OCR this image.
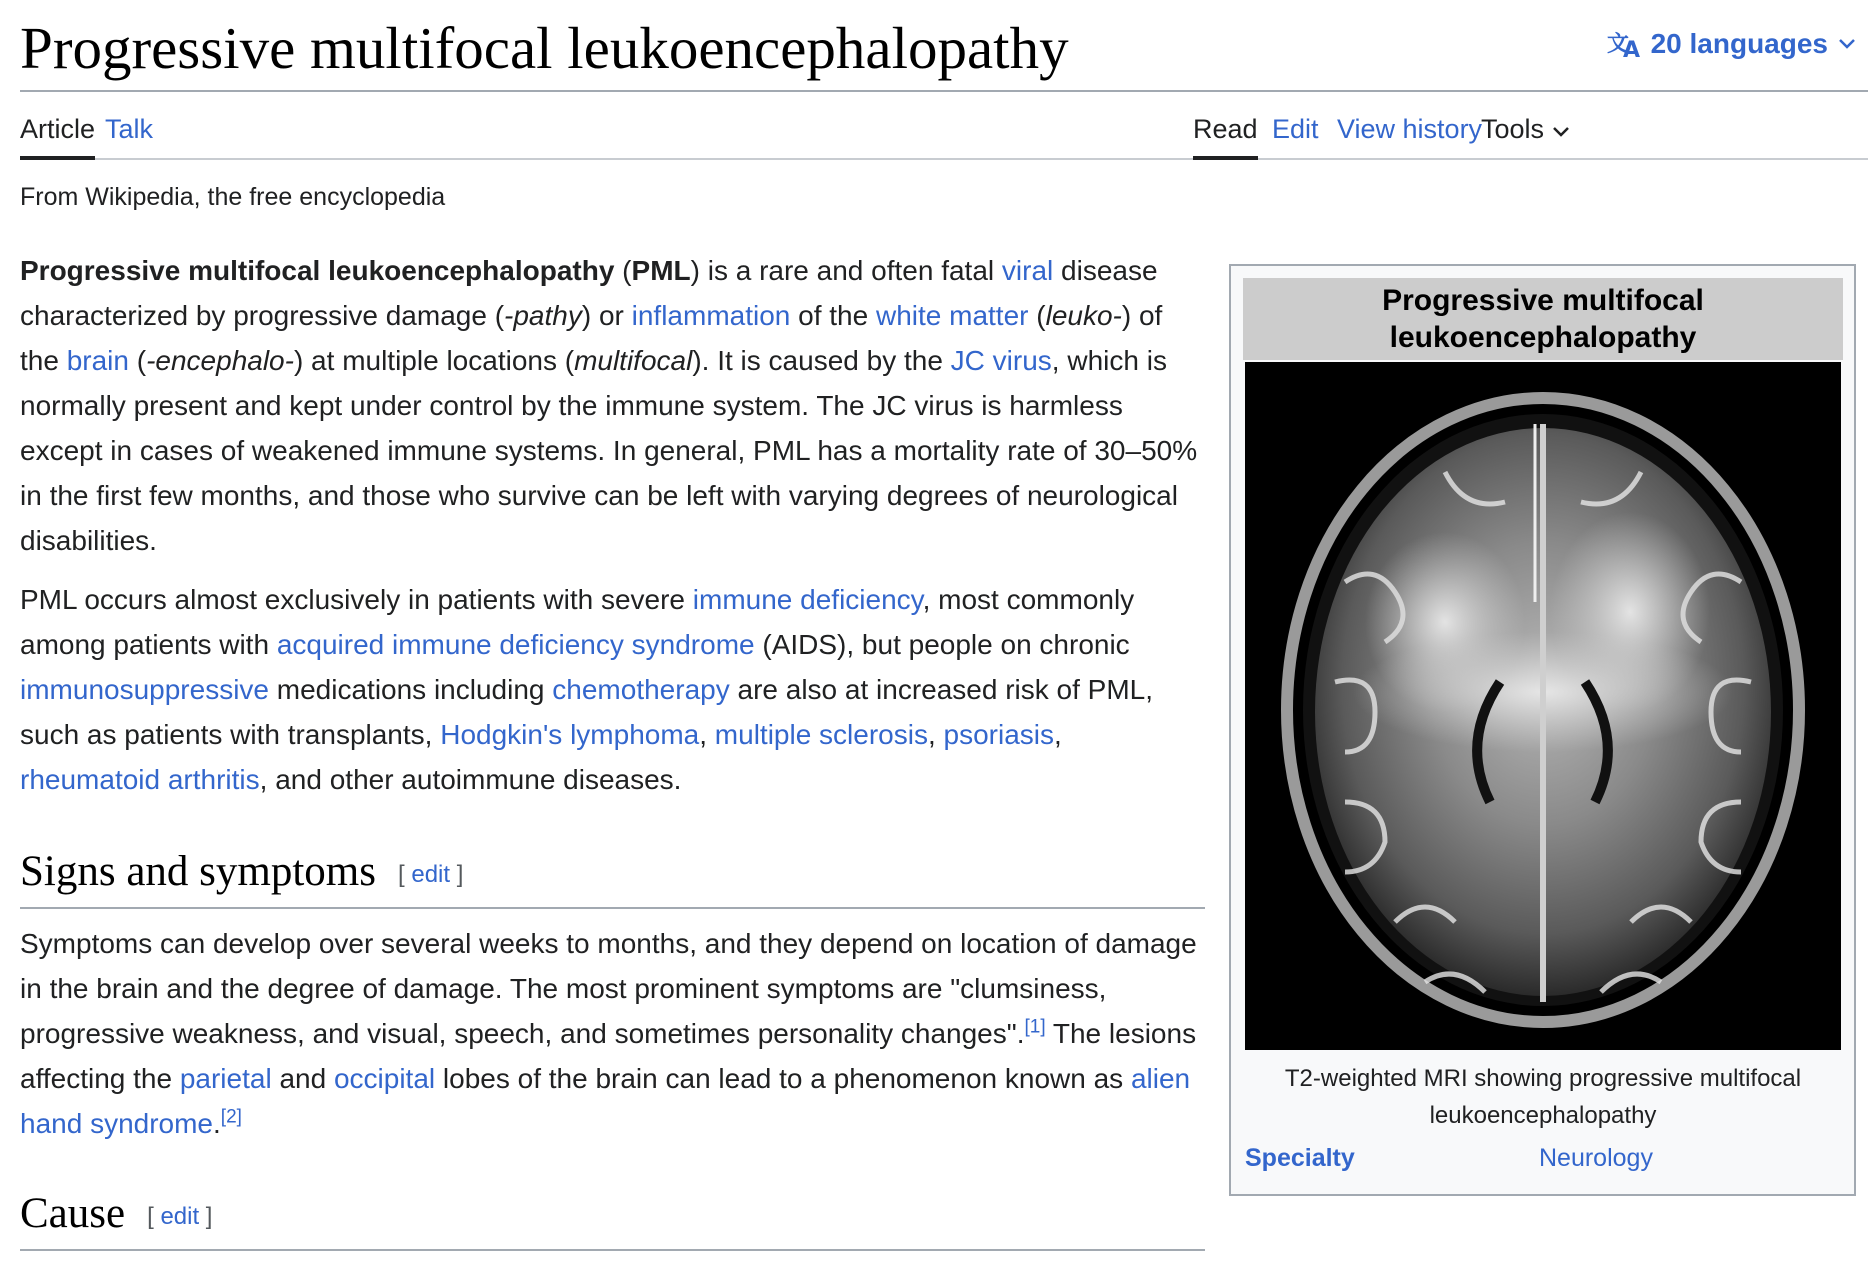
Progressive multifocal leukoencephalopathy	文
A 20 languages
Article Talk	Read Edit View history
Tools
From Wikipedia, the free encyclopedia

Progressive multifocal leukoencephalopathy (PML) is a rare and often fatal viral disease characterized by progressive damage (-pathy) or inflammation of the white matter (leuko-) of the brain (-encephalo-) at multiple locations (multifocal). It is caused by the JC virus, which is normally present and kept under control by the immune system. The JC virus is harmless except in cases of weakened immune systems. In general, PML has a mortality rate of 30–50% in the first few months, and those who survive can be left with varying degrees of neurological disabilities.

PML occurs almost exclusively in patients with severe immune deficiency, most commonly among patients with acquired immune deficiency syndrome (AIDS), but people on chronic immunosuppressive medications including chemotherapy are also at increased risk of PML, such as patients with transplants, Hodgkin's lymphoma, multiple sclerosis, psoriasis, rheumatoid arthritis, and other autoimmune diseases.

Signs and symptoms [ edit ]

Symptoms can develop over several weeks to months, and they depend on location of damage in the brain and the degree of damage. The most prominent symptoms are "clumsiness, progressive weakness, and visual, speech, and sometimes personality changes".[1] The lesions affecting the parietal and occipital lobes of the brain can lead to a phenomenon known as alien hand syndrome.[2]

Cause [ edit ]
Progressive multifocal leukoencephalopathy
T2-weighted MRI showing progressive multifocal leukoencephalopathy
Specialty	Neurology
